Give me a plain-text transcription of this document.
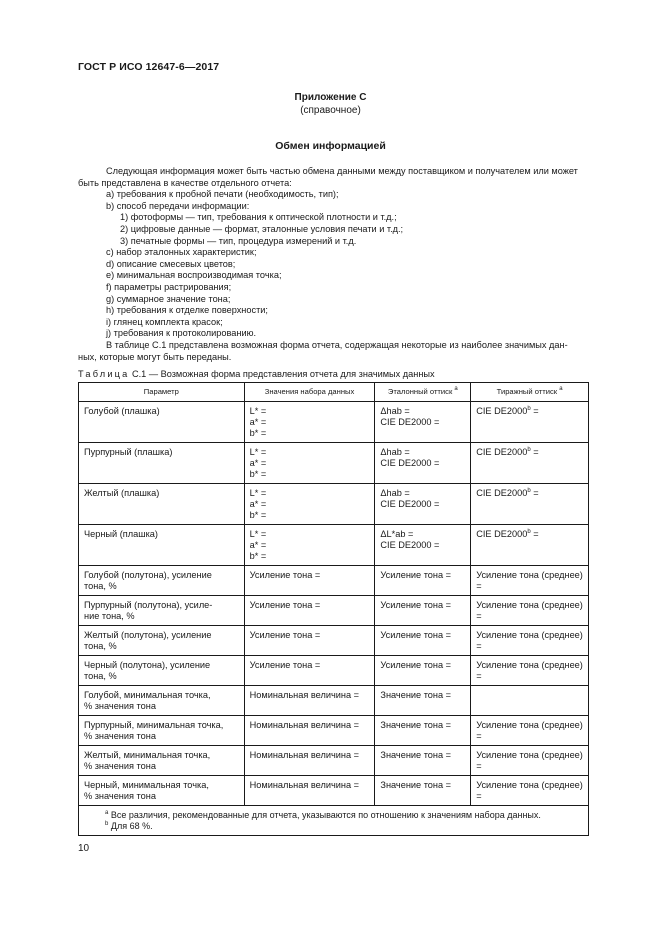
ГОСТ Р ИСО 12647-6—2017
Приложение С
(справочное)
Обмен информацией

Следующая информация может быть частью обмена данными между поставщиком и получателем или может

быть представлена в качестве отдельного отчета:

a) требования к пробной печати (необходимость, тип);

b) способ передачи информации:

1) фотоформы — тип, требования к оптической плотности и т.д.;

2) цифровые данные — формат, эталонные условия печати и т.д.;

3) печатные формы — тип, процедура измерений и т.д.

c) набор эталонных характеристик;

d) описание смесевых цветов;

e) минимальная воспроизводимая точка;

f) параметры растрирования;

g) суммарное значение тона;

h) требования к отделке поверхности;

i) глянец комплекта красок;

j) требования к протоколированию.

В таблице С.1 представлена возможная форма отчета, содержащая некоторые из наиболее значимых дан-

ных, которые могут быть переданы.

Таблица С.1 — Возможная форма представления отчета для значимых данных
Параметр	Значения набора данных	Эталонный оттиск $^a$	Тиражный оттиск $^a$

Голубой (плашка)	L* =
a* =
b* =	Δhab =
CIE DE2000 =	CIE $DE2000^b$ =

Пурпурный (плашка)	L* =
a* =
b* =	Δhab =
CIE DE2000 =	CIE $DE2000^b$ =

Желтый (плашка)	L* =
a* =
b* =	Δhab =
CIE DE2000 =	CIE $DE2000^b$ =

Черный (плашка)	L* =
a* =
b* =	ΔL*ab =
CIE DE2000 =	CIE $DE2000^b$ =

Голубой (полутона), усиление
тона, %	Усиление тона =	Усиление тона =	Усиление тона (среднее) =

Пурпурный (полутона), усиле-
ние тона, %	Усиление тона =	Усиление тона =	Усиление тона (среднее) =

Желтый (полутона), усиление
тона, %	Усиление тона =	Усиление тона =	Усиление тона (среднее) =

Черный (полутона), усиление
тона, %	Усиление тона =	Усиление тона =	Усиление тона (среднее) =

Голубой, минимальная точка,
% значения тона	Номинальная величина =	Значение тона =	

Пурпурный, минимальная точка,
% значения тона	Номинальная величина =	Значение тона =	Усиление тона (среднее) =

Желтый, минимальная точка,
% значения тона	Номинальная величина =	Значение тона =	Усиление тона (среднее) =

Черный, минимальная точка,
% значения тона	Номинальная величина =	Значение тона =	Усиление тона (среднее) =

$^a$ Все различия, рекомендованные для отчета, указываются по отношению к значениям набора данных.
$^b$ Для 68 %.			
10
